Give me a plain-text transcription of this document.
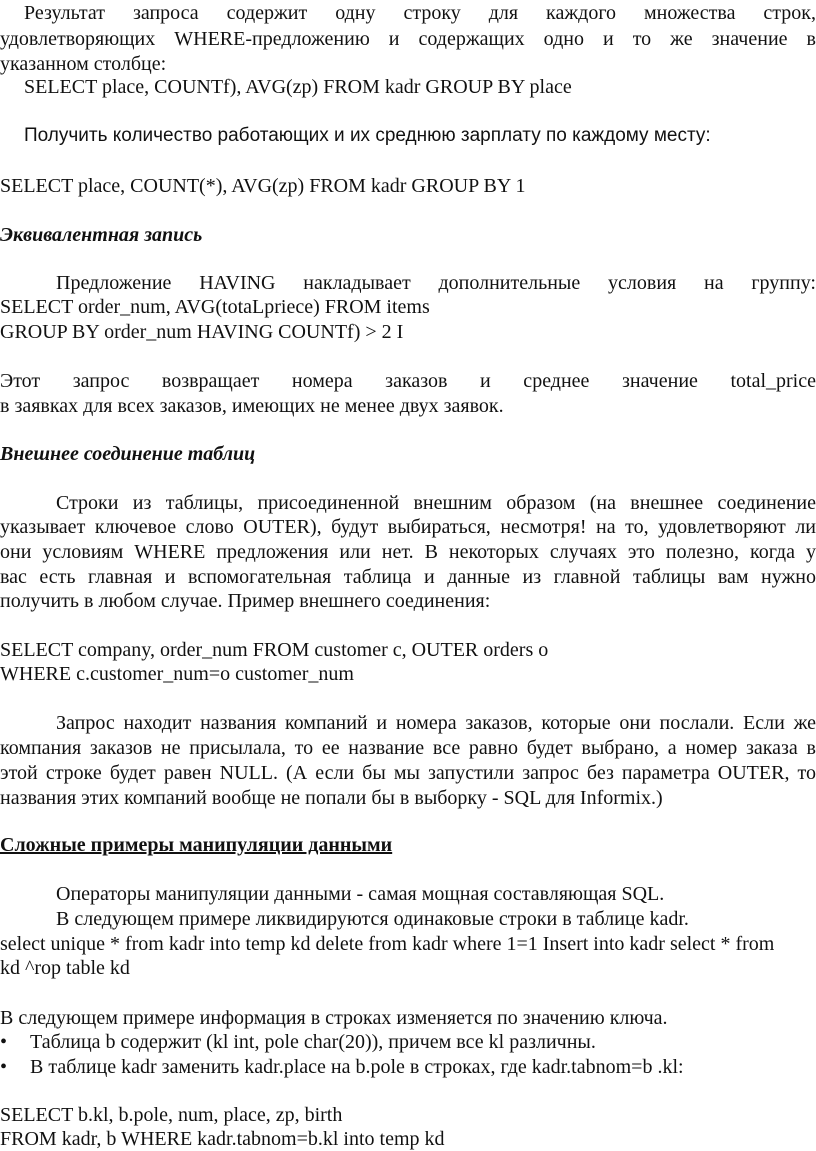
Результат запроса содержит одну строку для каждого множества строк,
удовлетворяющих WHERE-предложению и содержащих одно и то же значение в
указанном столбце:
SELECT place, COUNTf), AVG(zp) FROM kadr GROUP BY place
Получить количество работающих и их среднюю зарплату по каждому месту:
SELECT place, COUNT(*), AVG(zp) FROM kadr GROUP BY 1
Эквивалентная запись
Предложение HAVING накладывает дополнительные условия на группу:
SELECT order_num, AVG(totaLpriece) FROM items
GROUP BY order_num HAVING COUNTf) > 2 I
Этот запрос возвращает номера заказов и среднее значение total_price
в заявках для всех заказов, имеющих не менее двух заявок.
Внешнее соединение таблиц
Строки из таблицы, присоединенной внешним образом (на внешнее соединение
указывает ключевое слово OUTER), будут выбираться, несмотря! на то, удовлетворяют ли
они условиям WHERE предложения или нет. В некоторых случаях это полезно, когда у
вас есть главная и вспомогательная таблица и данные из главной таблицы вам нужно
получить в любом случае. Пример внешнего соединения:
SELECT company, order_num FROM customer c, OUTER orders o
WHERE c.customer_num=o customer_num
Запрос находит названия компаний и номера заказов, которые они послали. Если же
компания заказов не присылала, то ее название все равно будет выбрано, а номер заказа в
этой строке будет равен NULL. (А если бы мы запустили запрос без параметра OUTER, то
названия этих компаний вообще не попали бы в выборку - SQL для Informix.)
Сложные примеры манипуляции данными
Операторы манипуляции данными - самая мощная составляющая SQL.
В следующем примере ликвидируются одинаковые строки в таблице kadr.
select unique * from kadr into temp kd delete from kadr where 1=1 Insert into kadr select * from
kd ^rop table kd
В следующем примере информация в строках изменяется по значению ключа.
• Таблица b содержит (kl int, pole char(20)), причем все kl различны.
• В таблице kadr заменить kadr.place на b.pole в строках, где kadr.tabnom=b .kl:
SELECT b.kl, b.pole, num, place, zp, birth
FROM kadr, b WHERE kadr.tabnom=b.kl into temp kd
